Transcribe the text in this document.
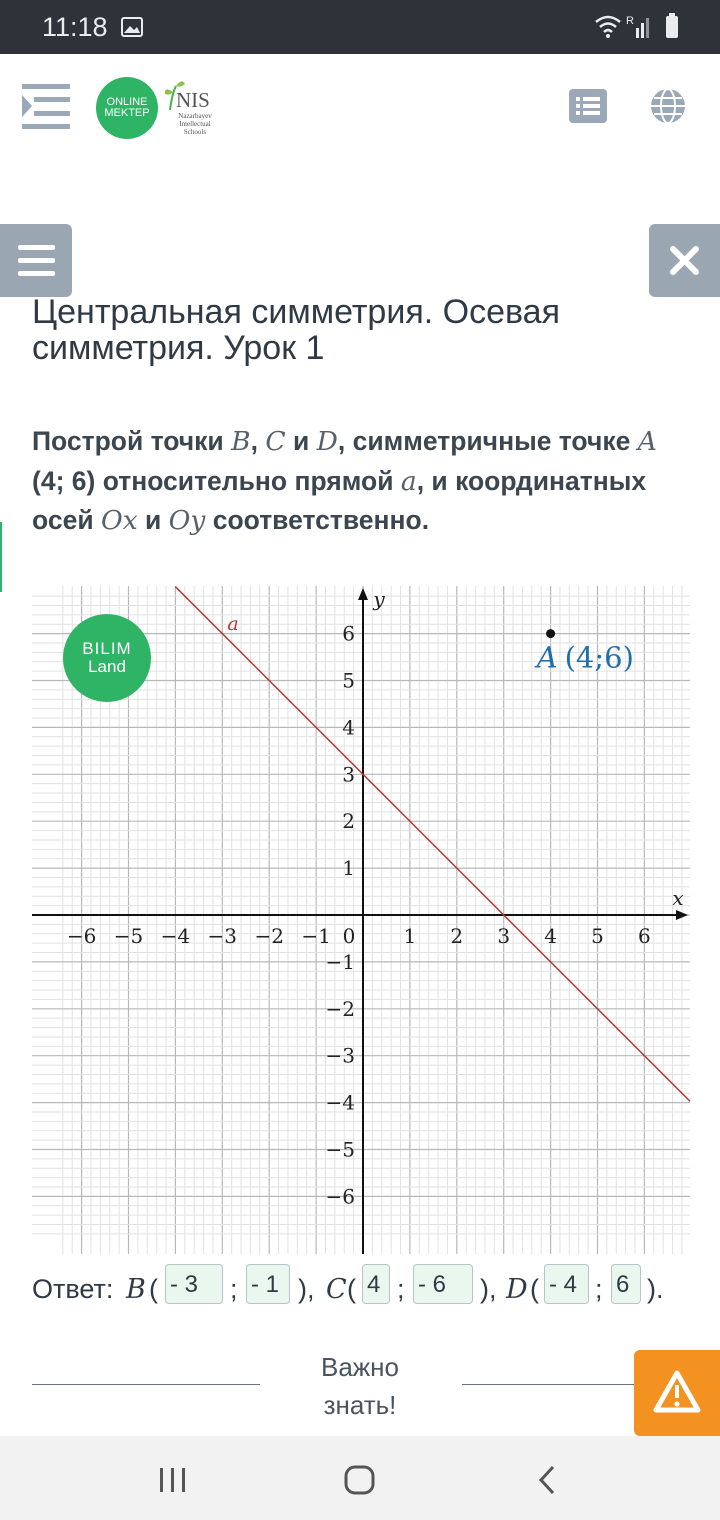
11:18	R
ONLINE
MEKTEP
NIS
Nazarbayev
Intellectual
Schools
Центральная симметрия. Осевая симметрия. Урок 1
Построй точки B, C и D, симметричные точке A (4; 6) относительно прямой a, и координатных осей Ox и Oy соответственно.
x
y
−6 −5 −4 −3 −2 −1 0 1 2 3 4 5 6
6
5
4
3
2
1
−1
−2
−3
−4
−5
−6
a
A (4;6)
BILIM
Land
Ответ: B ( - 3	; - 1 ), C ( 4 ; - 6	), D ( - 4 ; 6 ).
Важно знать!
